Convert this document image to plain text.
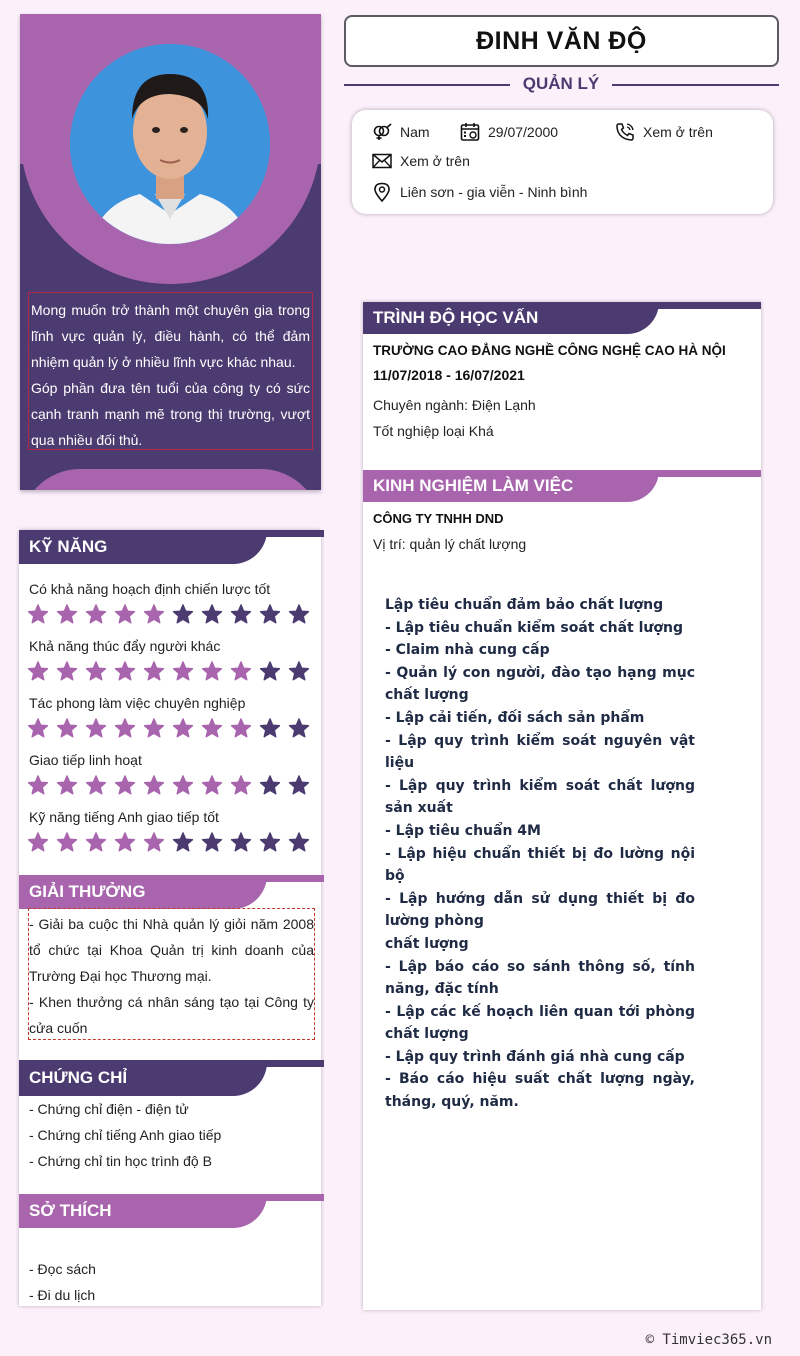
Mong muốn trở thành một chuyên gia trong lĩnh vực quản lý, điều hành, có thể đảm nhiệm quản lý ở nhiều lĩnh vực khác nhau.

Góp phần đưa tên tuổi của công ty có sức cạnh tranh mạnh mẽ trong thị trường, vượt qua nhiều đối thủ.

ĐINH VĂN ĐỘ
QUẢN LÝ
Nam	29/07/2000	Xem ở trên
Xem ở trên
Liên sơn - gia viễn - Ninh bình
TRÌNH ĐỘ HỌC VẤN
TRƯỜNG CAO ĐẲNG NGHỀ CÔNG NGHỆ CAO HÀ NỘI
11/07/2018 - 16/07/2021
Chuyên ngành: Điện Lạnh
Tốt nghiệp loại Khá
KINH NGHIỆM LÀM VIỆC
CÔNG TY TNHH DND
Vị trí: quản lý chất lượng
Lập tiêu chuẩn đảm bảo chất lượng
- Lập tiêu chuẩn kiểm soát chất lượng
- Claim nhà cung cấp
- Quản lý con người, đào tạo hạng mục chất lượng
- Lập cải tiến, đối sách sản phẩm
- Lập quy trình kiểm soát nguyên vật liệu
- Lập quy trình kiểm soát chất lượng sản xuất
- Lập tiêu chuẩn 4M
- Lập hiệu chuẩn thiết bị đo lường nội bộ
- Lập hướng dẫn sử dụng thiết bị đo lường phòng
chất lượng
- Lập báo cáo so sánh thông số, tính năng, đặc tính
- Lập các kế hoạch liên quan tới phòng chất lượng
- Lập quy trình đánh giá nhà cung cấp
- Báo cáo hiệu suất chất lượng ngày, tháng, quý, năm.
KỸ NĂNG
Có khả năng hoạch định chiến lược tốt
Khả năng thúc đẩy người khác
Tác phong làm việc chuyên nghiệp
Giao tiếp linh hoạt
Kỹ năng tiếng Anh giao tiếp tốt
GIẢI THƯỞNG

- Giải ba cuộc thi Nhà quản lý giỏi năm 2008 tổ chức tại Khoa Quản trị kinh doanh của Trường Đại học Thương mại.

- Khen thưởng cá nhân sáng tạo tại Công ty cửa cuốn

CHỨNG CHỈ
- Chứng chỉ điện - điện tử
- Chứng chỉ tiếng Anh giao tiếp
- Chứng chỉ tin học trình độ B
SỞ THÍCH
- Đọc sách
- Đi du lịch
© Timviec365.vn
